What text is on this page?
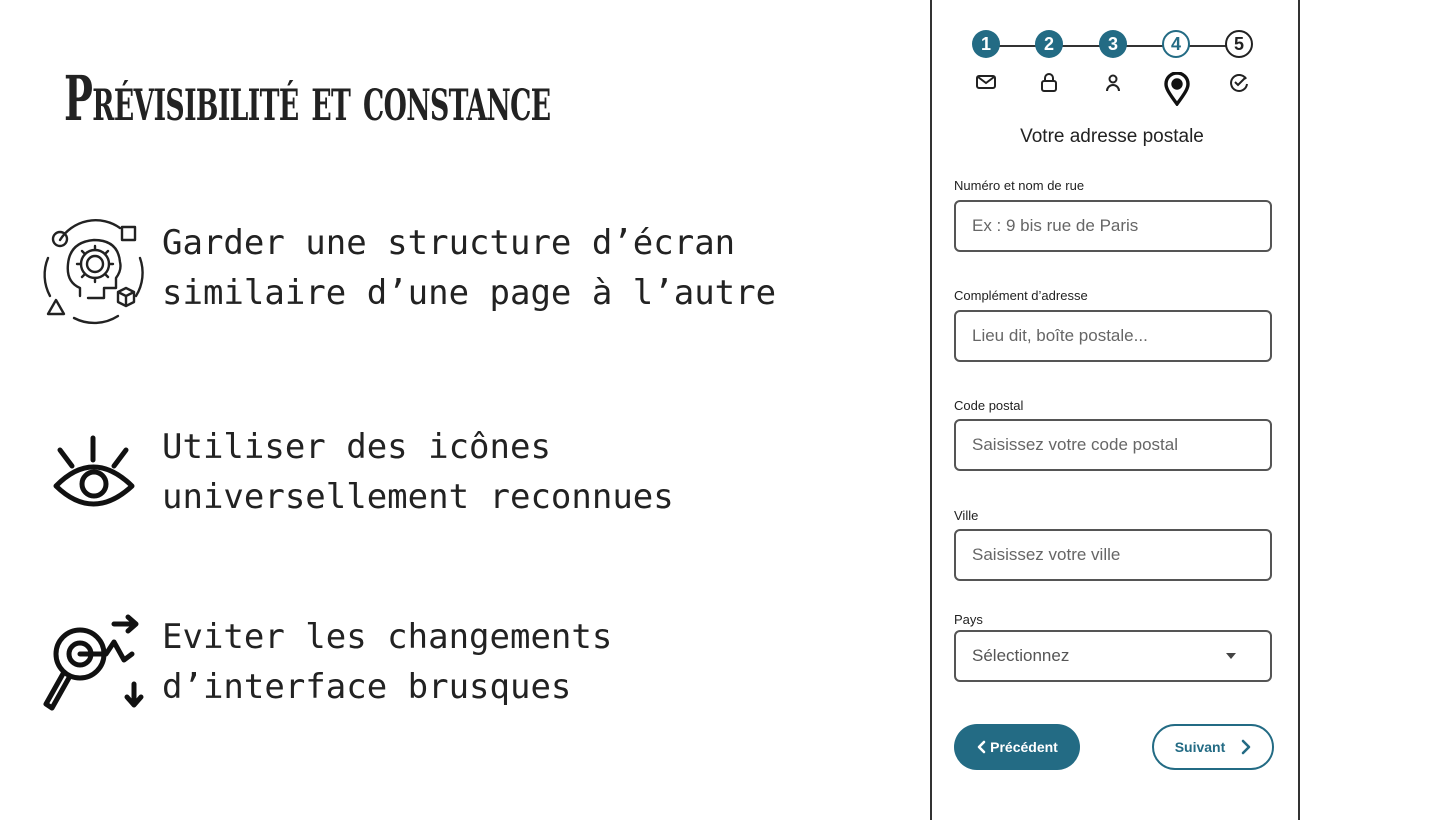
Prévisibilité et constance
Garder une structure d’écran
similaire d’une page à l’autre
Utiliser des icônes
universellement reconnues
Eviter les changements
d’interface brusques
1	2	3	4	5
Votre adresse postale
Numéro et nom de rue
Ex : 9 bis rue de Paris
Complément d’adresse
Lieu dit, boîte postale...
Code postal
Saisissez votre code postal
Ville
Saisissez votre ville
Pays
Sélectionnez
Précédent	Suivant
